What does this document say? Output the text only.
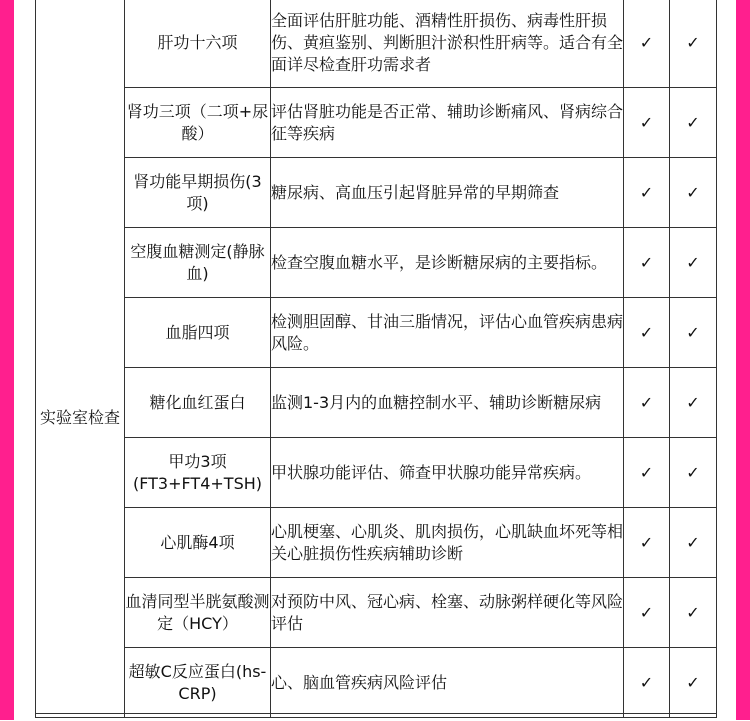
实验室检查	肝功十六项	全面评估肝脏功能、酒精性肝损伤、病毒性肝损伤、黄疸鉴别、判断胆汁淤积性肝病等。适合有全面详尽检查肝功需求者	✓	✓
	肾功三项（二项+尿酸）	评估肾脏功能是否正常、辅助诊断痛风、肾病综合征等疾病	✓	✓
	肾功能早期损伤(3项)	糖尿病、高血压引起肾脏异常的早期筛查	✓	✓
	空腹血糖测定(静脉血)	检查空腹血糖水平，是诊断糖尿病的主要指标。	✓	✓
	血脂四项	检测胆固醇、甘油三脂情况，评估心血管疾病患病风险。	✓	✓
	糖化血红蛋白	监测1-3月内的血糖控制水平、辅助诊断糖尿病	✓	✓
	甲功3项(FT3+FT4+TSH)	甲状腺功能评估、筛查甲状腺功能异常疾病。	✓	✓
	心肌酶4项	心肌梗塞、心肌炎、肌肉损伤，心肌缺血坏死等相关心脏损伤性疾病辅助诊断	✓	✓
	血清同型半胱氨酸测定（HCY）	对预防中风、冠心病、栓塞、动脉粥样硬化等风险评估	✓	✓
	超敏C反应蛋白(hs-CRP)	心、脑血管疾病风险评估	✓	✓
